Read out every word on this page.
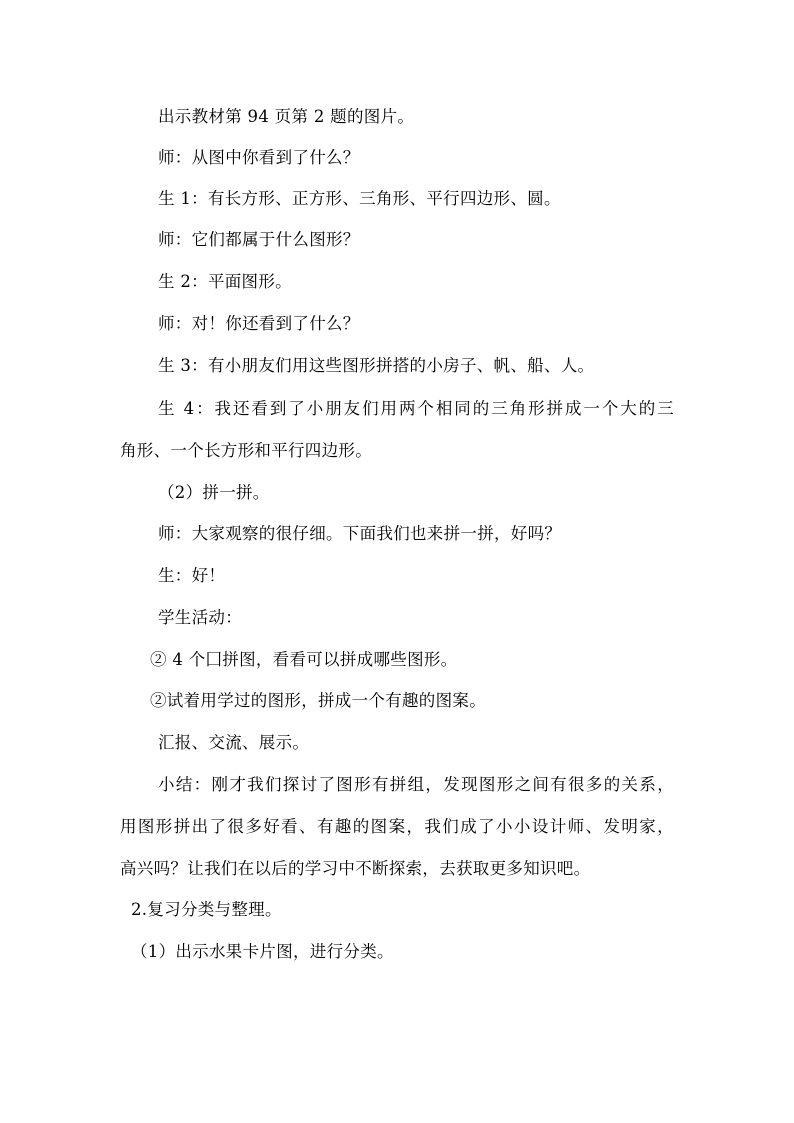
出示教材第 94 页第 2 题的图片。
师：从图中你看到了什么？
生 1：有长方形、正方形、三角形、平行四边形、圆。
师：它们都属于什么图形？
生 2：平面图形。
师：对！你还看到了什么？
生 3：有小朋友们用这些图形拼搭的小房子、帆、船、人。
生 4：我还看到了小朋友们用两个相同的三角形拼成一个大的三
角形、一个长方形和平行四边形。
（2）拼一拼。
师：大家观察的很仔细。下面我们也来拼一拼，好吗？
生：好！
学生活动：
② 4 个囗拼图，看看可以拼成哪些图形。
②试着用学过的图形，拼成一个有趣的图案。
汇报、交流、展示。
小结：刚才我们探讨了图形有拼组，发现图形之间有很多的关系，
用图形拼出了很多好看、有趣的图案，我们成了小小设计师、发明家，
高兴吗？让我们在以后的学习中不断探索，去获取更多知识吧。
2.复习分类与整理。
（1）出示水果卡片图，进行分类。
